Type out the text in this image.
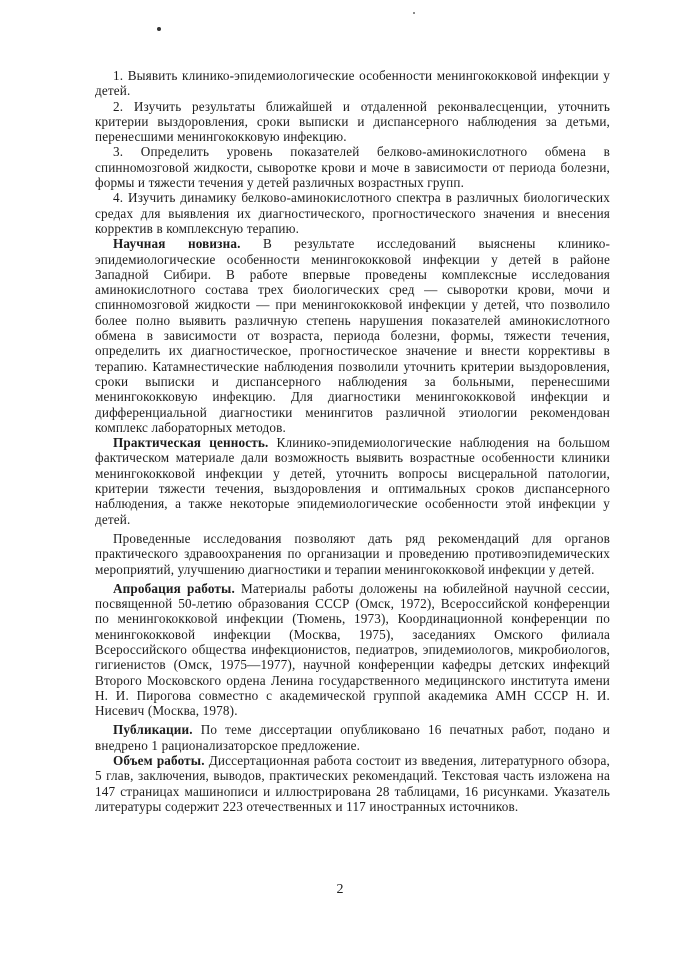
1. Выявить клинико-эпидемиологические особенности менингококковой инфекции у детей.

2. Изучить результаты ближайшей и отдаленной реконвалесценции, уточнить критерии выздоровления, сроки выписки и диспансерного наблюдения за детьми, перенесшими менингококковую инфекцию.

3. Определить уровень показателей белково-аминокислотного обмена в спинномозговой жидкости, сыворотке крови и моче в зависимости от периода болезни, формы и тяжести течения у детей различных возрастных групп.

4. Изучить динамику белково-аминокислотного спектра в различных биологических средах для выявления их диагностического, прогностического значения и внесения корректив в комплексную терапию.

Научная новизна. В результате исследований выяснены клинико-эпидемиологические особенности менингококковой инфекции у детей в районе Западной Сибири. В работе впервые проведены комплексные исследования аминокислотного состава трех биологических сред — сыворотки крови, мочи и спинномозговой жидкости — при менингококковой инфекции у детей, что позволило более полно выявить различную степень нарушения показателей аминокислотного обмена в зависимости от возраста, периода болезни, формы, тяжести течения, определить их диагностическое, прогностическое значение и внести коррективы в терапию. Катамнестические наблюдения позволили уточнить критерии выздоровления, сроки выписки и диспансерного наблюдения за больными, перенесшими менингококковую инфекцию. Для диагностики менингококковой инфекции и дифференциальной диагностики менингитов различной этиологии рекомендован комплекс лабораторных методов.

Практическая ценность. Клинико-эпидемиологические наблюдения на большом фактическом материале дали возможность выявить возрастные особенности клиники менингококковой инфекции у детей, уточнить вопросы висцеральной патологии, критерии тяжести течения, выздоровления и оптимальных сроков диспансерного наблюдения, а также некоторые эпидемиологические особенности этой инфекции у детей.

Проведенные исследования позволяют дать ряд рекомендаций для органов практического здравоохранения по организации и проведению противоэпидемических мероприятий, улучшению диагностики и терапии менингококковой инфекции у детей.

Апробация работы. Материалы работы доложены на юбилейной научной сессии, посвященной 50-летию образования СССР (Омск, 1972), Всероссийской конференции по менингококковой инфекции (Тюмень, 1973), Координационной конференции по менингококковой инфекции (Москва, 1975), заседаниях Омского филиала Всероссийского общества инфекционистов, педиатров, эпидемиологов, микробиологов, гигиенистов (Омск, 1975—1977), научной конференции кафедры детских инфекций Второго Московского ордена Ленина государственного медицинского института имени Н. И. Пирогова совместно с академической группой академика АМН СССР Н. И. Нисевич (Москва, 1978).

Публикации. По теме диссертации опубликовано 16 печатных работ, подано и внедрено 1 рационализаторское предложение.

Объем работы. Диссертационная работа состоит из введения, литературного обзора, 5 глав, заключения, выводов, практических рекомендаций. Текстовая часть изложена на 147 страницах машинописи и иллюстрирована 28 таблицами, 16 рисунками. Указатель литературы содержит 223 отечественных и 117 иностранных источников.

2
